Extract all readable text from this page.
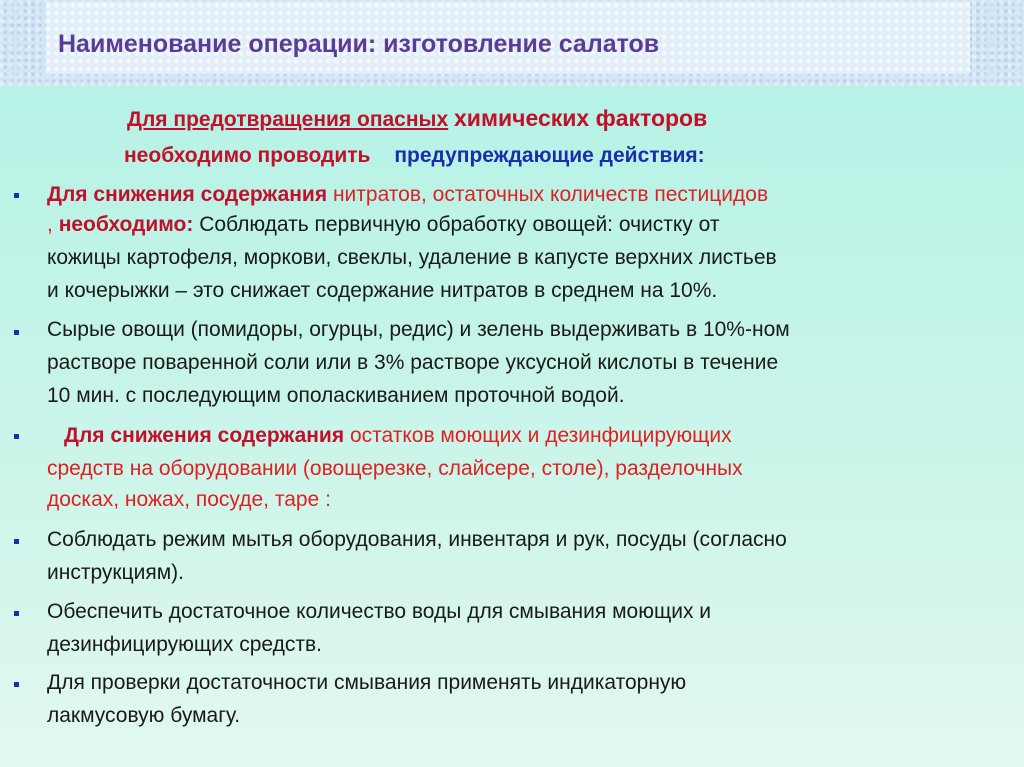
Наименование операции: изготовление салатов
Для предотвращения опасных химических факторов
необходимо проводить предупреждающие действия:
Для снижения содержания нитратов, остаточных количеств пестицидов
, необходимо: Соблюдать первичную обработку овощей: очистку от
кожицы картофеля, моркови, свеклы, удаление в капусте верхних листьев
и кочерыжки – это снижает содержание нитратов в среднем на 10%.
Сырые овощи (помидоры, огурцы, редис) и зелень выдерживать в 10%-ном
растворе поваренной соли или в 3% растворе уксусной кислоты в течение
10 мин. с последующим ополаскиванием проточной водой.
Для снижения содержания остатков моющих и дезинфицирующих
средств на оборудовании (овощерезке, слайсере, столе), разделочных
досках, ножах, посуде, таре :
Соблюдать режим мытья оборудования, инвентаря и рук, посуды (согласно
инструкциям).
Обеспечить достаточное количество воды для смывания моющих и
дезинфицирующих средств.
Для проверки достаточности смывания применять индикаторную
лакмусовую бумагу.
